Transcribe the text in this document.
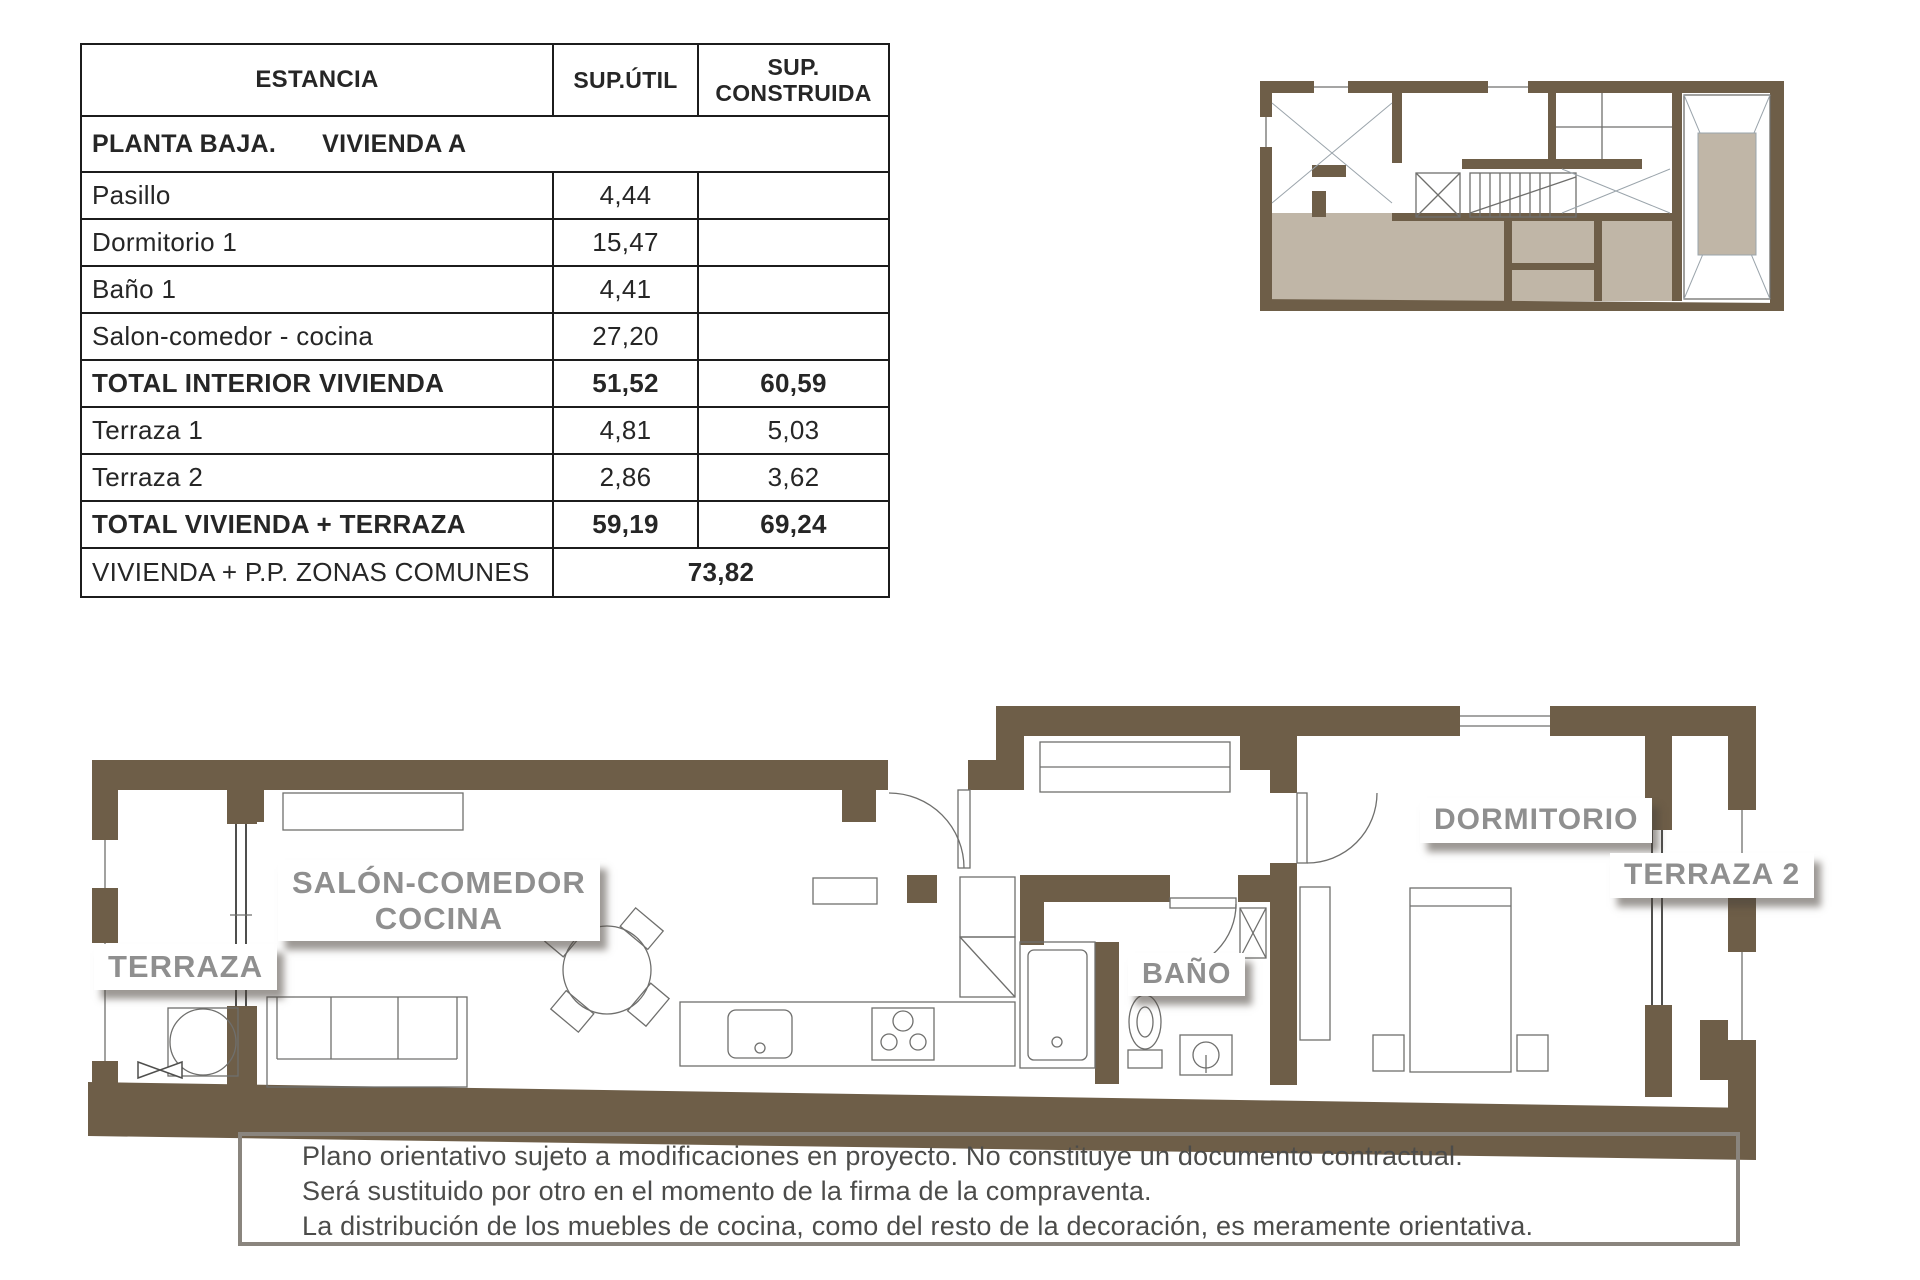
ESTANCIA	SUP.ÚTIL	SUP. CONSTRUIDA
PLANTA BAJA. VIVIENDA A		
Pasillo	4,44	
Dormitorio 1	15,47	
Baño 1	4,41	
Salon-comedor - cocina	27,20	
TOTAL INTERIOR VIVIENDA	51,52	60,59
Terraza 1	4,81	5,03
Terraza 2	2,86	3,62
TOTAL VIVIENDA + TERRAZA	59,19	69,24
VIVIENDA + P.P. ZONAS COMUNES	73,82	
TERRAZA
SALÓN-COMEDOR
COCINA
BAÑO
DORMITORIO
TERRAZA 2
Plano orientativo sujeto a modificaciones en proyecto. No constituye un documento contractual.
Será sustituido por otro en el momento de la firma de la compraventa.
La distribución de los muebles de cocina, como del resto de la decoración, es meramente orientativa.
